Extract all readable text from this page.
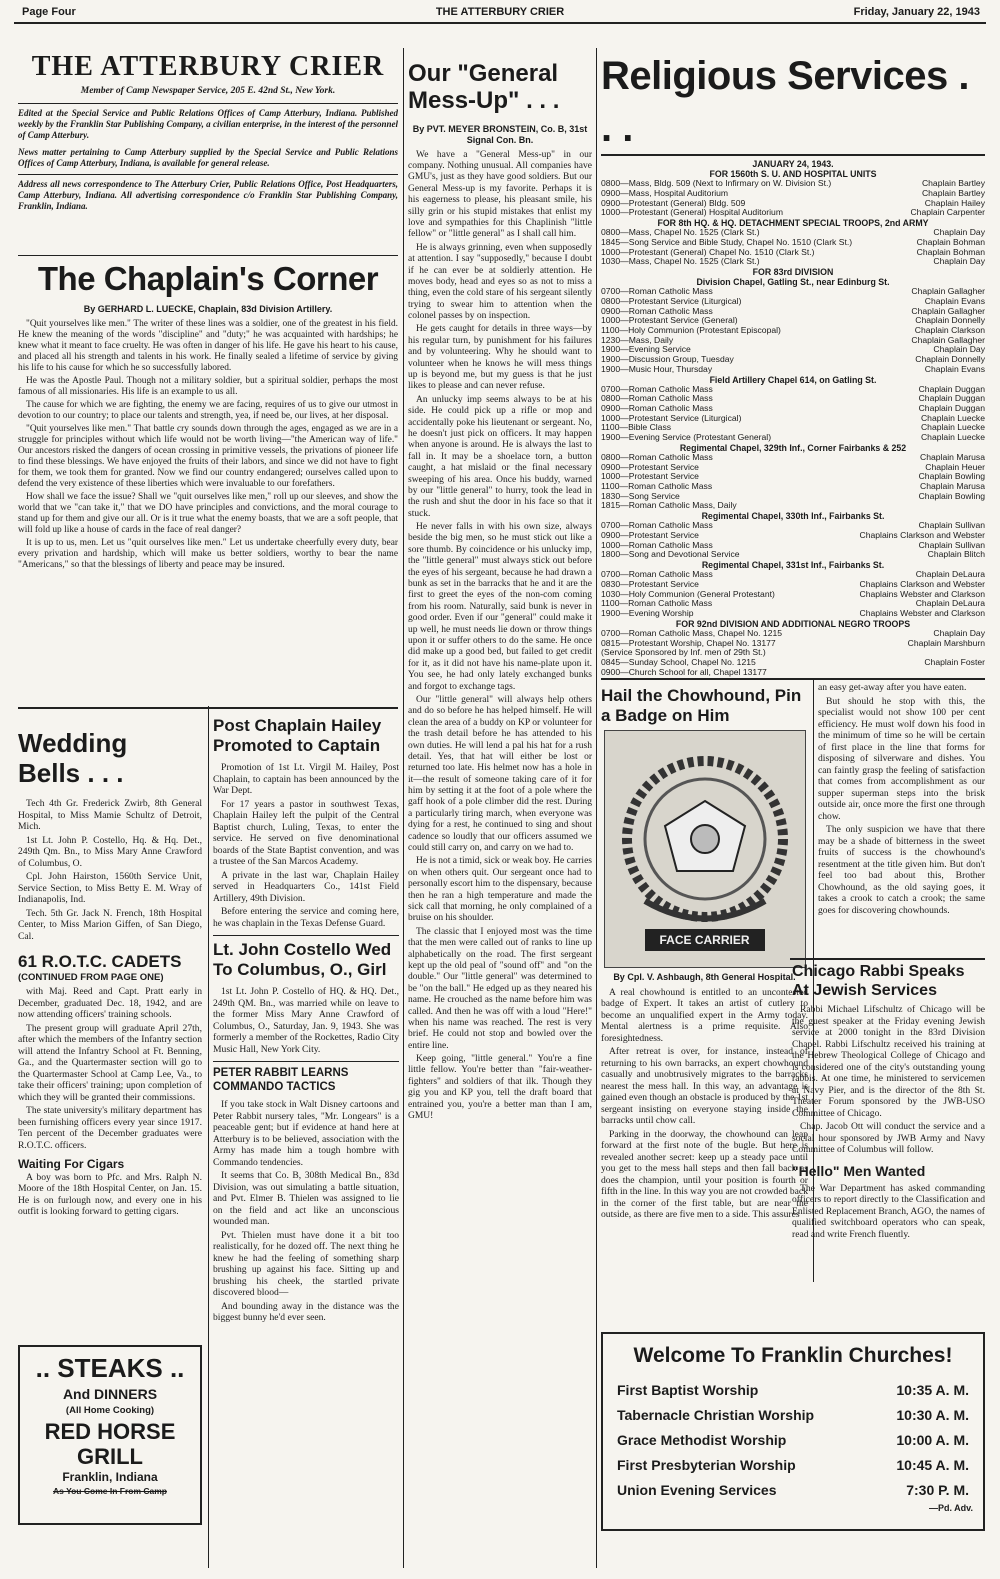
Page Four	THE ATTERBURY CRIER	Friday, January 22, 1943
THE ATTERBURY CRIER
Member of Camp Newspaper Service, 205 E. 42nd St., New York.
Edited at the Special Service and Public Relations Offices of Camp Atterbury, Indiana. Published weekly by the Franklin Star Publishing Company, a civilian enterprise, in the interest of the personnel of Camp Atterbury.
News matter pertaining to Camp Atterbury supplied by the Special Service and Public Relations Offices of Camp Atterbury, Indiana, is available for general release.
Address all news correspondence to The Atterbury Crier, Public Relations Office, Post Headquarters, Camp Atterbury, Indiana. All advertising correspondence c/o Franklin Star Publishing Company, Franklin, Indiana.
The Chaplain's Corner
By GERHARD L. LUECKE, Chaplain, 83d Division Artillery.

"Quit yourselves like men." The writer of these lines was a soldier, one of the greatest in his field. He knew the meaning of the words "discipline" and "duty;" he was acquainted with hardships; he knew what it meant to face cruelty. He was often in danger of his life. He gave his heart to his cause, and placed all his strength and talents in his work. He finally sealed a lifetime of service by giving his life to his cause for which he so successfully labored.

He was the Apostle Paul. Though not a military soldier, but a spiritual soldier, perhaps the most famous of all missionaries. His life is an example to us all.

The cause for which we are fighting, the enemy we are facing, requires of us to give our utmost in devotion to our country; to place our talents and strength, yea, if need be, our lives, at her disposal.

"Quit yourselves like men." That battle cry sounds down through the ages, engaged as we are in a struggle for principles without which life would not be worth living—"the American way of life." Our ancestors risked the dangers of ocean crossing in primitive vessels, the privations of pioneer life to find these blessings. We have enjoyed the fruits of their labors, and since we did not have to fight for them, we took them for granted. Now we find our country endangered; ourselves called upon to defend the very existence of these liberties which were invaluable to our forefathers.

How shall we face the issue? Shall we "quit ourselves like men," roll up our sleeves, and show the world that we "can take it," that we DO have principles and convictions, and the moral courage to stand up for them and give our all. Or is it true what the enemy boasts, that we are a soft people, that will fold up like a house of cards in the face of real danger?

It is up to us, men. Let us "quit ourselves like men." Let us undertake cheerfully every duty, bear every privation and hardship, which will make us better soldiers, worthy to bear the name "Americans," so that the blessings of liberty and peace may be insured.

Wedding
Bells . . .

Tech 4th Gr. Frederick Zwirb, 8th General Hospital, to Miss Mamie Schultz of Detroit, Mich.

1st Lt. John P. Costello, Hq. & Hq. Det., 249th Qm. Bn., to Miss Mary Anne Crawford of Columbus, O.

Cpl. John Hairston, 1560th Service Unit, Service Section, to Miss Betty E. M. Wray of Indianapolis, Ind.

Tech. 5th Gr. Jack N. French, 18th Hospital Center, to Miss Marion Giffen, of San Diego, Cal.

61 R.O.T.C. CADETS
(CONTINUED FROM PAGE ONE)

with Maj. Reed and Capt. Pratt early in December, graduated Dec. 18, 1942, and are now attending officers' training schools.

The present group will graduate April 27th, after which the members of the Infantry section will attend the Infantry School at Ft. Benning, Ga., and the Quartermaster section will go to the Quartermaster School at Camp Lee, Va., to take their officers' training; upon completion of which they will be granted their commissions.

The state university's military department has been furnishing officers every year since 1917. Ten percent of the December graduates were R.O.T.C. officers.

Waiting For Cigars

A boy was born to Pfc. and Mrs. Ralph N. Moore of the 18th Hospital Center, on Jan. 15. He is on furlough now, and every one in his outfit is looking forward to getting cigars.

.. STEAKS ..
And DINNERS
(All Home Cooking)
RED HORSE
GRILL
Franklin, Indiana
As You Come In From Camp
Post Chaplain Hailey Promoted to Captain

Promotion of 1st Lt. Virgil M. Hailey, Post Chaplain, to captain has been announced by the War Dept.

For 17 years a pastor in southwest Texas, Chaplain Hailey left the pulpit of the Central Baptist church, Luling, Texas, to enter the service. He served on five denominational boards of the State Baptist convention, and was a trustee of the San Marcos Academy.

A private in the last war, Chaplain Hailey served in Headquarters Co., 141st Field Artillery, 49th Division.

Before entering the service and coming here, he was chaplain in the Texas Defense Guard.

Lt. John Costello Wed To Columbus, O., Girl

1st Lt. John P. Costello of HQ. & HQ. Det., 249th QM. Bn., was married while on leave to the former Miss Mary Anne Crawford of Columbus, O., Saturday, Jan. 9, 1943. She was formerly a member of the Rockettes, Radio City Music Hall, New York City.

PETER RABBIT LEARNS COMMANDO TACTICS

If you take stock in Walt Disney cartoons and Peter Rabbit nursery tales, "Mr. Longears" is a peaceable gent; but if evidence at hand here at Atterbury is to be believed, association with the Army has made him a tough hombre with Commando tendencies.

It seems that Co. B, 308th Medical Bn., 83d Division, was out simulating a battle situation, and Pvt. Elmer B. Thielen was assigned to lie on the field and act like an unconscious wounded man.

Pvt. Thielen must have done it a bit too realistically, for he dozed off. The next thing he knew he had the feeling of something sharp brushing up against his face. Sitting up and brushing his cheek, the startled private discovered blood—

And bounding away in the distance was the biggest bunny he'd ever seen.

Our "General Mess-Up" . . .
By PVT. MEYER BRONSTEIN, Co. B, 31st Signal Con. Bn.

We have a "General Mess-up" in our company. Nothing unusual. All companies have GMU's, just as they have good soldiers. But our General Mess-up is my favorite. Perhaps it is his eagerness to please, his pleasant smile, his silly grin or his stupid mistakes that enlist my love and sympathies for this Chaplinish "little fellow" or "little general" as I shall call him.

He is always grinning, even when supposedly at attention. I say "supposedly," because I doubt if he can ever be at soldierly attention. He moves body, head and eyes so as not to miss a thing, even the cold stare of his sergeant silently trying to swear him to attention when the colonel passes by on inspection.

He gets caught for details in three ways—by his regular turn, by punishment for his failures and by volunteering. Why he should want to volunteer when he knows he will mess things up is beyond me, but my guess is that he just likes to please and can never refuse.

An unlucky imp seems always to be at his side. He could pick up a rifle or mop and accidentally poke his lieutenant or sergeant. No, he doesn't just pick on officers. It may happen when anyone is around. He is always the last to fall in. It may be a shoelace torn, a button caught, a hat mislaid or the final necessary sweeping of his area. Once his buddy, warned by our "little general" to hurry, took the lead in the rush and shut the door in his face so that it stuck.

He never falls in with his own size, always beside the big men, so he must stick out like a sore thumb. By coincidence or his unlucky imp, the "little general" must always stick out before the eyes of his sergeant, because he had drawn a bunk as set in the barracks that he and it are the first to greet the eyes of the non-com coming from his room. Naturally, said bunk is never in good order. Even if our "general" could make it up well, he must needs lie down or throw things upon it or suffer others to do the same. He once did make up a good bed, but failed to get credit for it, as it did not have his name-plate upon it. You see, he had only lately exchanged bunks and forgot to exchange tags.

Our "little general" will always help others and do so before he has helped himself. He will clean the area of a buddy on KP or volunteer for the trash detail before he has attended to his own duties. He will lend a pal his hat for a rush detail. Yes, that hat will either be lost or returned too late. His helmet now has a hole in it—the result of someone taking care of it for him by setting it at the foot of a pole where the gaff hook of a pole climber did the rest. During a particularly tiring march, when everyone was dying for a rest, he continued to sing and shout cadence so loudly that our officers assumed we could still carry on, and carry on we had to.

He is not a timid, sick or weak boy. He carries on when others quit. Our sergeant once had to personally escort him to the dispensary, because then he ran a high temperature and made the sick call that morning, he only complained of a bruise on his shoulder.

The classic that I enjoyed most was the time that the men were called out of ranks to line up alphabetically on the road. The first sergeant kept up the old peal of "sound off" and "on the double." Our "little general" was determined to be "on the ball." He edged up as they neared his name. He crouched as the name before him was called. And then he was off with a loud "Here!" when his name was reached. The rest is very brief. He could not stop and bowled over the entire line.

Keep going, "little general." You're a fine little fellow. You're better than "fair-weather-fighters" and soldiers of that ilk. Though they gig you and KP you, tell the draft board that entrained you, you're a better man than I am, GMU!

Religious Services . . .
JANUARY 24, 1943.
FOR 1560th S. U. AND HOSPITAL UNITS
0800—Mass, Bldg. 509 (Next to Infirmary on W. Division St.)	Chaplain Bartley
0900—Mass, Hospital Auditorium	Chaplain Bartley
0900—Protestant (General) Bldg. 509	Chaplain Hailey
1000—Protestant (General) Hospital Auditorium	Chaplain Carpenter
FOR 8th HQ. & HQ. DETACHMENT SPECIAL TROOPS, 2nd ARMY
0800—Mass, Chapel No. 1525 (Clark St.)	Chaplain Day
1845—Song Service and Bible Study, Chapel No. 1510 (Clark St.)	Chaplain Bohman
1000—Protestant (General) Chapel No. 1510 (Clark St.)	Chaplain Bohman
1030—Mass, Chapel No. 1525 (Clark St.)	Chaplain Day
FOR 83rd DIVISION
Division Chapel, Gatling St., near Edinburg St.
0700—Roman Catholic Mass	Chaplain Gallagher
0800—Protestant Service (Liturgical)	Chaplain Evans
0900—Roman Catholic Mass	Chaplain Gallagher
1000—Protestant Service (General)	Chaplain Donnelly
1100—Holy Communion (Protestant Episcopal)	Chaplain Clarkson
1230—Mass, Daily	Chaplain Gallagher
1900—Evening Service	Chaplain Day
1900—Discussion Group, Tuesday	Chaplain Donnelly
1900—Music Hour, Thursday	Chaplain Evans
Field Artillery Chapel 614, on Gatling St.
0700—Roman Catholic Mass	Chaplain Duggan
0800—Roman Catholic Mass	Chaplain Duggan
0900—Roman Catholic Mass	Chaplain Duggan
1000—Protestant Service (Liturgical)	Chaplain Luecke
1100—Bible Class	Chaplain Luecke
1900—Evening Service (Protestant General)	Chaplain Luecke
Regimental Chapel, 329th Inf., Corner Fairbanks & 252
0800—Roman Catholic Mass	Chaplain Marusa
0900—Protestant Service	Chaplain Heuer
1000—Protestant Service	Chaplain Bowling
1100—Roman Catholic Mass	Chaplain Marusa
1830—Song Service	Chaplain Bowling
1815—Roman Catholic Mass, Daily
Regimental Chapel, 330th Inf., Fairbanks St.
0700—Roman Catholic Mass	Chaplain Sullivan
0900—Protestant Service	Chaplains Clarkson and Webster
1000—Roman Catholic Mass	Chaplain Sullivan
1800—Song and Devotional Service	Chaplain Blitch
Regimental Chapel, 331st Inf., Fairbanks St.
0700—Roman Catholic Mass	Chaplain DeLaura
0830—Protestant Service	Chaplains Clarkson and Webster
1030—Holy Communion (General Protestant)	Chaplains Webster and Clarkson
1100—Roman Catholic Mass	Chaplain DeLaura
1900—Evening Worship	Chaplains Webster and Clarkson
FOR 92nd DIVISION AND ADDITIONAL NEGRO TROOPS
0700—Roman Catholic Mass, Chapel No. 1215	Chaplain Day
0815—Protestant Worship, Chapel No. 13177	Chaplain Marshburn
(Service Sponsored by Inf. men of 29th St.)
0845—Sunday School, Chapel No. 1215	Chaplain Foster
0900—Church School for all, Chapel 13177
Hail the Chowhound, Pin a Badge on Him
FACE CARRIER
By Cpl. V. Ashbaugh, 8th General Hospital.

A real chowhound is entitled to an uncontested badge of Expert. It takes an artist of cutlery to become an unqualified expert in the Army today. Mental alertness is a prime requisite. Also foresightedness.

After retreat is over, for instance, instead of returning to his own barracks, an expert chowhound casually and unobtrusively migrates to the barracks nearest the mess hall. In this way, an advantage is gained even though an obstacle is produced by the 1st sergeant insisting on everyone staying inside the barracks until chow call.

Parking in the doorway, the chowhound can leap forward at the first note of the bugle. But here is revealed another secret: keep up a steady pace until you get to the mess hall steps and then fall back as does the champion, until your position is fourth or fifth in the line. In this way you are not crowded back in the corner of the first table, but are near the outside, as there are five men to a side. This assures

an easy get-away after you have eaten.

But should he stop with this, the specialist would not show 100 per cent efficiency. He must wolf down his food in the minimum of time so he will be certain of first place in the line that forms for disposing of silverware and dishes. You can faintly grasp the feeling of satisfaction that comes from accomplishment as our supper superman steps into the brisk outside air, once more the first one through chow.

The only suspicion we have that there may be a shade of bitterness in the sweet fruits of success is the chowhound's resentment at the title given him. But don't feel too bad about this, Brother Chowhound, as the old saying goes, it takes a crook to catch a crook; the same goes for discovering chowhounds.

Chicago Rabbi Speaks At Jewish Services

Rabbi Michael Lifschultz of Chicago will be the guest speaker at the Friday evening Jewish service at 2000 tonight in the 83rd Division Chapel. Rabbi Lifschultz received his training at the Hebrew Theological College of Chicago and is considered one of the city's outstanding young rabbis. At one time, he ministered to servicemen at Navy Pier, and is the director of the 8th St. Theater Forum sponsored by the JWB-USO Committee of Chicago.

Chap. Jacob Ott will conduct the service and a social hour sponsored by JWB Army and Navy Committee of Columbus will follow.

"Hello" Men Wanted

The War Department has asked commanding officers to report directly to the Classification and Enlisted Replacement Branch, AGO, the names of qualified switchboard operators who can speak, read and write French fluently.

Welcome To Franklin Churches!
First Baptist Worship	10:35 A. M.
Tabernacle Christian Worship	10:30 A. M.
Grace Methodist Worship	10:00 A. M.
First Presbyterian Worship	10:45 A. M.
Union Evening Services	7:30 P. M.
—Pd. Adv.
